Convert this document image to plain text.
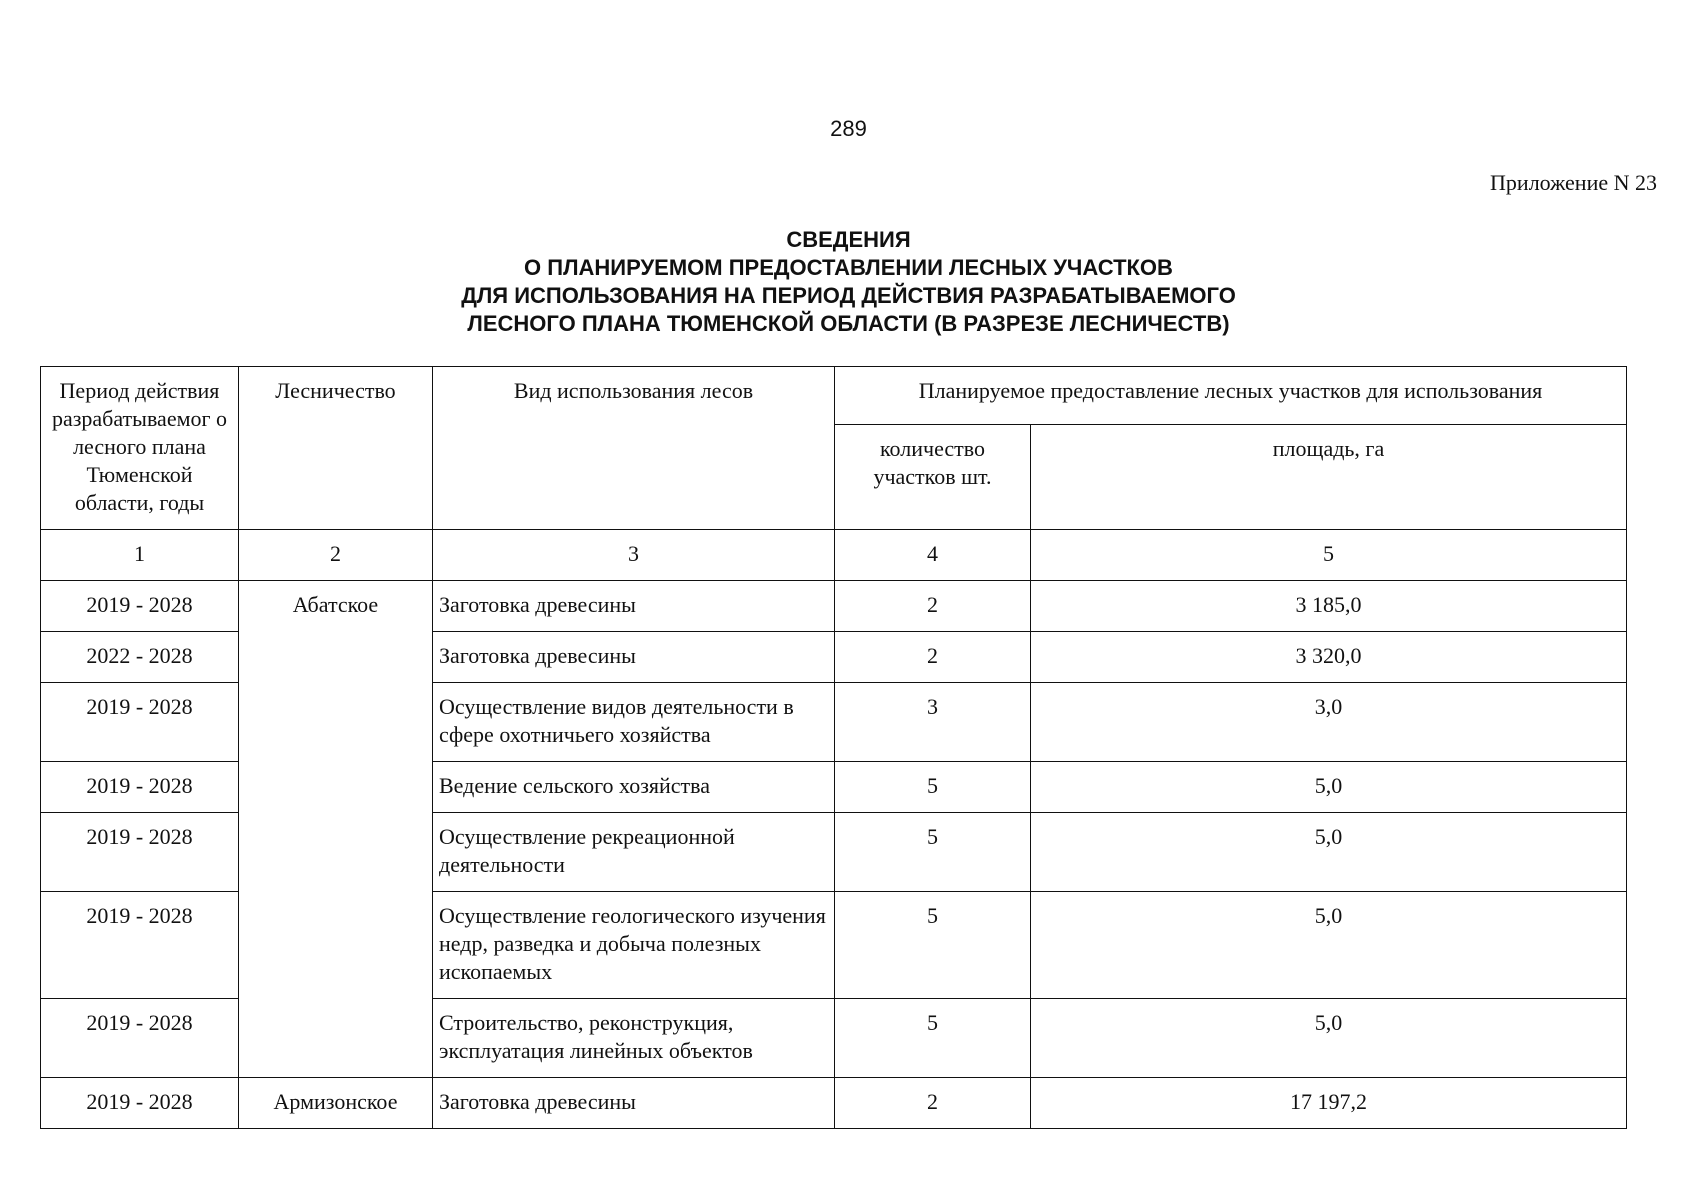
289
Приложение N 23
СВЕДЕНИЯ
О ПЛАНИРУЕМОМ ПРЕДОСТАВЛЕНИИ ЛЕСНЫХ УЧАСТКОВ
ДЛЯ ИСПОЛЬЗОВАНИЯ НА ПЕРИОД ДЕЙСТВИЯ РАЗРАБАТЫВАЕМОГО
ЛЕСНОГО ПЛАНА ТЮМЕНСКОЙ ОБЛАСТИ (В РАЗРЕЗЕ ЛЕСНИЧЕСТВ)
Период действия разрабатываемог о лесного плана Тюменской области, годы	Лесничество	Вид использования лесов	Планируемое предоставление лесных участков для использования	
			количество участков шт.	площадь, га
1	2	3	4	5
2019 - 2028	Абатское	Заготовка древесины	2	3 185,0
2022 - 2028		Заготовка древесины	2	3 320,0
2019 - 2028		Осуществление видов деятельности в сфере охотничьего хозяйства	3	3,0
2019 - 2028		Ведение сельского хозяйства	5	5,0
2019 - 2028		Осуществление рекреационной деятельности	5	5,0
2019 - 2028		Осуществление геологического изучения недр, разведка и добыча полезных ископаемых	5	5,0
2019 - 2028		Строительство, реконструкция, эксплуатация линейных объектов	5	5,0
2019 - 2028	Армизонское	Заготовка древесины	2	17 197,2
